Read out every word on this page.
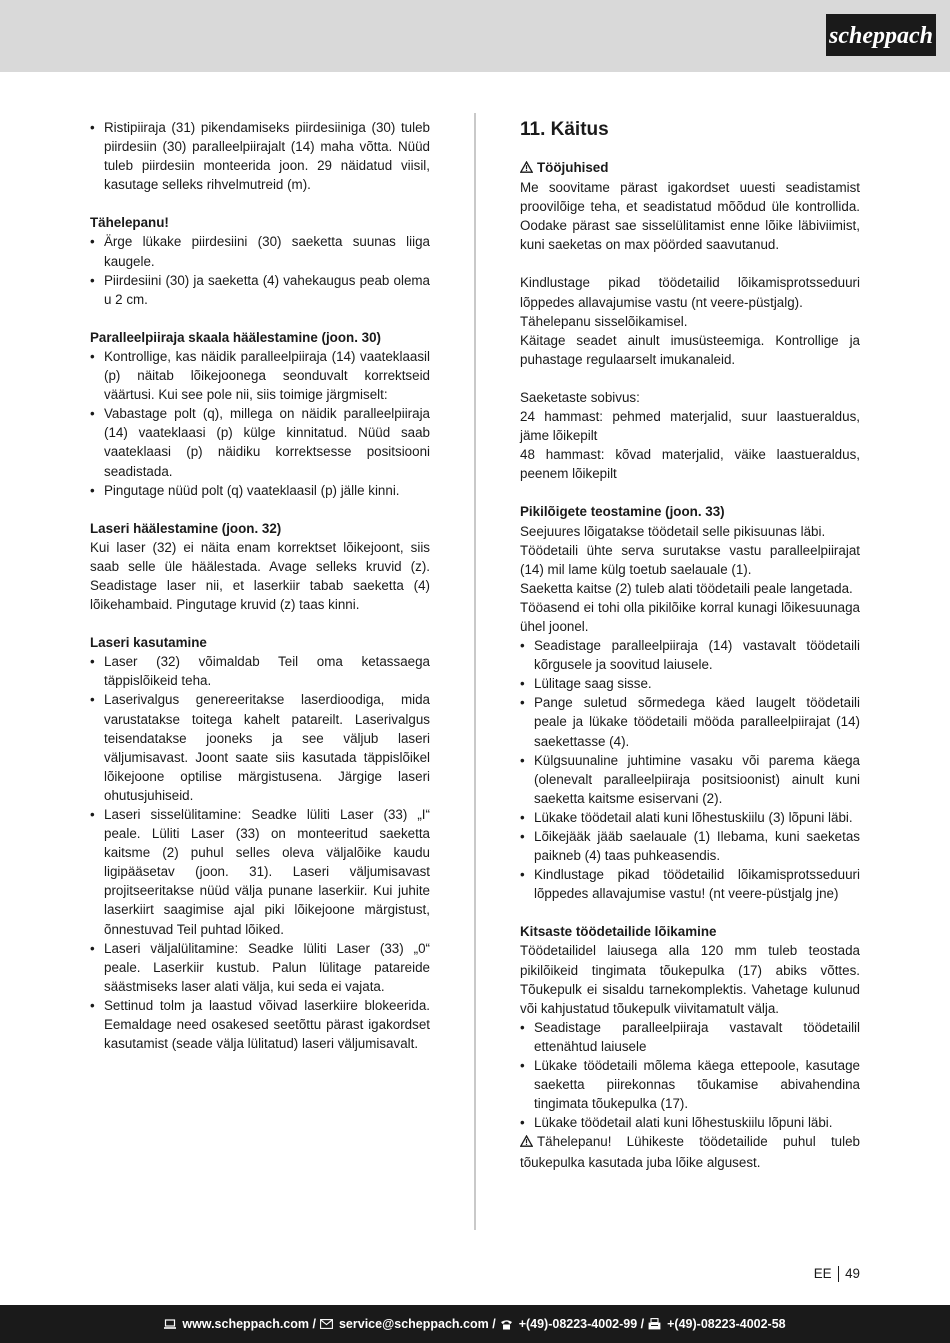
scheppach
• Ristipiiraja (31) pikendamiseks piirdesiiniga (30) tuleb piirdesiin (30) paralleelpiirajalt (14) maha võtta. Nüüd tuleb piirdesiin monteerida joon. 29 näidatud viisil, kasutage selleks rihvelmutreid (m).

Tähelepanu!

• Ärge lükake piirdesiini (30) saeketta suunas liiga kaugele.
• Piirdesiini (30) ja saeketta (4) vahekaugus peab olema u 2 cm.

Paralleelpiiraja skaala häälestamine (joon. 30)

• Kontrollige, kas näidik paralleelpiiraja (14) vaateklaasil (p) näitab lõikejoonega seonduvalt korrektseid väärtusi. Kui see pole nii, siis toimige järgmiselt:
• Vabastage polt (q), millega on näidik paralleelpiiraja (14) vaateklaasi (p) külge kinnitatud. Nüüd saab vaateklaasi (p) näidiku korrektsesse positsiooni seadistada.
• Pingutage nüüd polt (q) vaateklaasil (p) jälle kinni.

Laseri häälestamine (joon. 32)

Kui laser (32) ei näita enam korrektset lõikejoont, siis saab selle üle häälestada. Avage selleks kruvid (z). Seadistage laser nii, et laserkiir tabab saeketta (4) lõikehambaid. Pingutage kruvid (z) taas kinni.

Laseri kasutamine

• Laser (32) võimaldab Teil oma ketassaega täppislõikeid teha.
• Laserivalgus genereeritakse laserdioodiga, mida varustatakse toitega kahelt patareilt. Laserivalgus teisendatakse jooneks ja see väljub laseri väljumisavast. Joont saate siis kasutada täppislõikel lõikejoone optilise märgistusena. Järgige laseri ohutusjuhiseid.
• Laseri sisselülitamine: Seadke lüliti Laser (33) „I“ peale. Lüliti Laser (33) on monteeritud saeketta kaitsme (2) puhul selles oleva väljalõike kaudu ligipääsetav (joon. 31). Laseri väljumisavast projitseeritakse nüüd välja punane laserkiir. Kui juhite laserkiirt saagimise ajal piki lõikejoone märgistust, õnnestuvad Teil puhtad lõiked.
• Laseri väljalülitamine: Seadke lüliti Laser (33) „0“ peale. Laserkiir kustub. Palun lülitage patareide säästmiseks laser alati välja, kui seda ei vajata.
• Settinud tolm ja laastud võivad laserkiire blokeerida. Eemaldage need osakesed seetõttu pärast igakordset kasutamist (seade välja lülitatud) laseri väljumisavalt.

11. Käitus

Tööjuhised

Me soovitame pärast igakordset uuesti seadistamist proovilõige teha, et seadistatud mõõdud üle kontrollida. Oodake pärast sae sisselülitamist enne lõike läbiviimist, kuni saeketas on max pöörded saavutanud.

Kindlustage pikad töödetailid lõikamisprotsseduuri lõppedes allavajumise vastu (nt veere-püstjalg).

Tähelepanu sisselõikamisel.

Käitage seadet ainult imusüsteemiga. Kontrollige ja puhastage regulaarselt imukanaleid.

Saeketaste sobivus:

24 hammast: pehmed materjalid, suur laastueraldus, jäme lõikepilt

48 hammast: kõvad materjalid, väike laastueraldus, peenem lõikepilt

Pikilõigete teostamine (joon. 33)

Seejuures lõigatakse töödetail selle pikisuunas läbi.

Töödetaili ühte serva surutakse vastu paralleelpiirajat (14) mil lame külg toetub saelauale (1).

Saeketta kaitse (2) tuleb alati töödetaili peale langetada.

Tööasend ei tohi olla pikilõike korral kunagi lõikesuunaga ühel joonel.

• Seadistage paralleelpiiraja (14) vastavalt töödetaili kõrgusele ja soovitud laiusele.
• Lülitage saag sisse.
• Pange suletud sõrmedega käed laugelt töödetaili peale ja lükake töödetaili mööda paralleelpiirajat (14) saekettasse (4).
• Külgsuunaline juhtimine vasaku või parema käega (olenevalt paralleelpiiraja positsioonist) ainult kuni saeketta kaitsme esiservani (2).
• Lükake töödetail alati kuni lõhestuskiilu (3) lõpuni läbi.
• Lõikejääk jääb saelauale (1) Ilebama, kuni saeketas paikneb (4) taas puhkeasendis.
• Kindlustage pikad töödetailid lõikamisprotsseduuri lõppedes allavajumise vastu! (nt veere-püstjalg jne)

Kitsaste töödetailide lõikamine

Töödetailidel laiusega alla 120 mm tuleb teostada pikilõikeid tingimata tõukepulka (17) abiks võttes. Tõukepulk ei sisaldu tarnekomplektis. Vahetage kulunud või kahjustatud tõukepulk viivitamatult välja.

• Seadistage paralleelpiiraja vastavalt töödetailil ettenähtud laiusele
• Lükake töödetaili mõlema käega ettepoole, kasutage saeketta piirekonnas tõukamise abivahendina tingimata tõukepulka (17).
• Lükake töödetail alati kuni lõhestuskiilu lõpuni läbi.

Tähelepanu! Lühikeste töödetailide puhul tuleb tõukepulka kasutada juba lõike algusest.

EE 49
www.scheppach.com / service@scheppach.com / +(49)-08223-4002-99 / +(49)-08223-4002-58
